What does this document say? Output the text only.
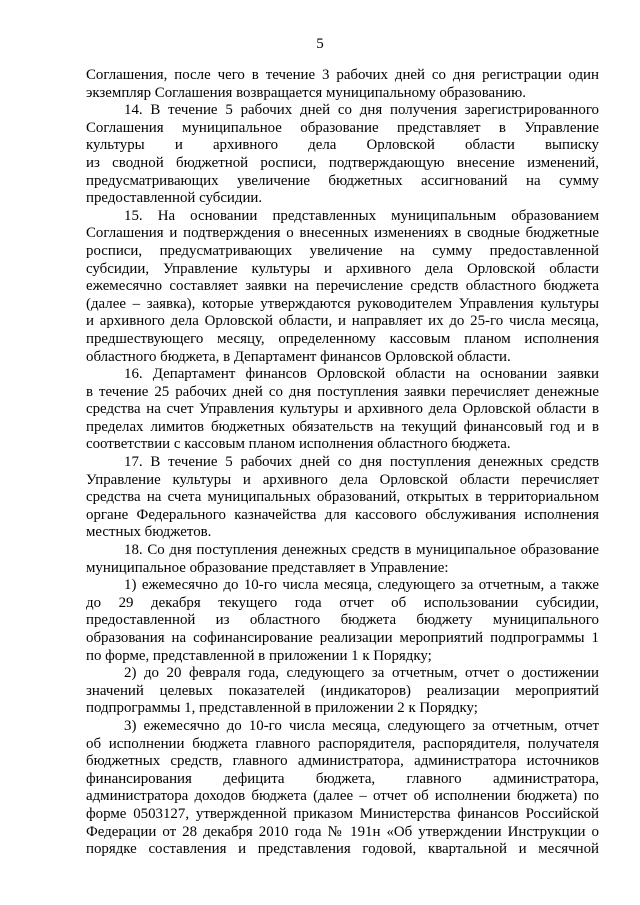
5
Соглашения, после чего в течение 3 рабочих дней со дня регистрации один
экземпляр Соглашения возвращается муниципальному образованию.
14. В течение 5 рабочих дней со дня получения зарегистрированного
Соглашения муниципальное образование представляет в Управление
культуры и архивного дела Орловской области выписку
из сводной бюджетной росписи, подтверждающую внесение изменений,
предусматривающих увеличение бюджетных ассигнований на сумму
предоставленной субсидии.
15. На основании представленных муниципальным образованием
Соглашения и подтверждения о внесенных изменениях в сводные бюджетные
росписи, предусматривающих увеличение на сумму предоставленной
субсидии, Управление культуры и архивного дела Орловской области
ежемесячно составляет заявки на перечисление средств областного бюджета
(далее – заявка), которые утверждаются руководителем Управления культуры
и архивного дела Орловской области, и направляет их до 25-го числа месяца,
предшествующего месяцу, определенному кассовым планом исполнения
областного бюджета, в Департамент финансов Орловской области.
16. Департамент финансов Орловской области на основании заявки
в течение 25 рабочих дней со дня поступления заявки перечисляет денежные
средства на счет Управления культуры и архивного дела Орловской области в
пределах лимитов бюджетных обязательств на текущий финансовый год и в
соответствии с кассовым планом исполнения областного бюджета.
17. В течение 5 рабочих дней со дня поступления денежных средств
Управление культуры и архивного дела Орловской области перечисляет
средства на счета муниципальных образований, открытых в территориальном
органе Федерального казначейства для кассового обслуживания исполнения
местных бюджетов.
18. Со дня поступления денежных средств в муниципальное образование
муниципальное образование представляет в Управление:
1) ежемесячно до 10-го числа месяца, следующего за отчетным, а также
до 29 декабря текущего года отчет об использовании субсидии,
предоставленной из областного бюджета бюджету муниципального
образования на софинансирование реализации мероприятий подпрограммы 1
по форме, представленной в приложении 1 к Порядку;
2) до 20 февраля года, следующего за отчетным, отчет о достижении
значений целевых показателей (индикаторов) реализации мероприятий
подпрограммы 1, представленной в приложении 2 к Порядку;
3) ежемесячно до 10-го числа месяца, следующего за отчетным, отчет
об исполнении бюджета главного распорядителя, распорядителя, получателя
бюджетных средств, главного администратора, администратора источников
финансирования дефицита бюджета, главного администратора,
администратора доходов бюджета (далее – отчет об исполнении бюджета) по
форме 0503127, утвержденной приказом Министерства финансов Российской
Федерации от 28 декабря 2010 года № 191н «Об утверждении Инструкции о
порядке составления и представления годовой, квартальной и месячной
